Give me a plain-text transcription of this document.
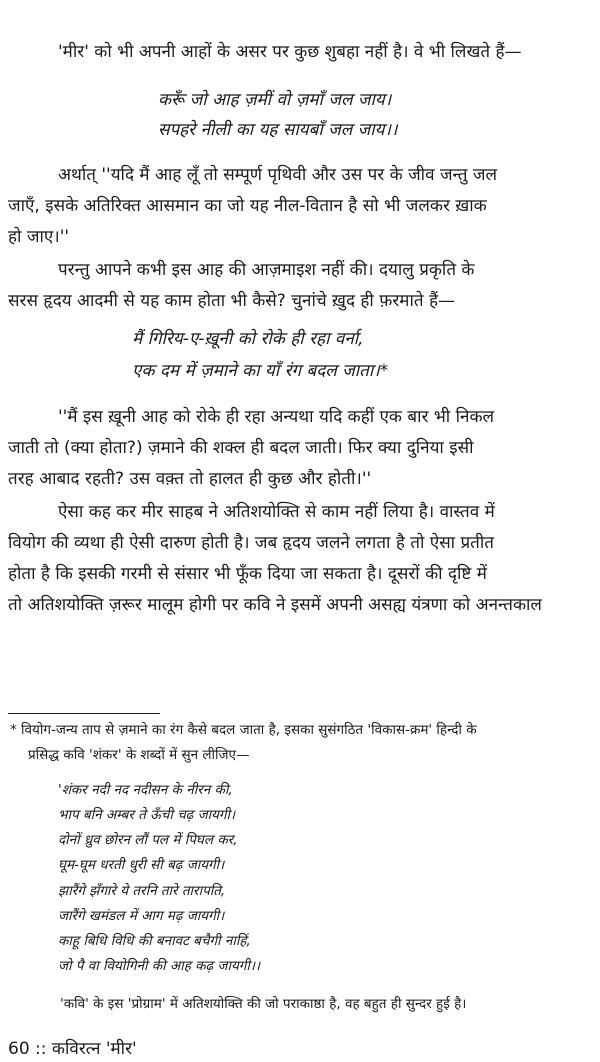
'मीर' को भी अपनी आहों के असर पर कुछ शुबहा नहीं है। वे भी लिखते हैं—
करूँ जो आह ज़मीं वो ज़माँ जल जाय।
सपहरे नीली का यह सायबाँ जल जाय।।
अर्थात् ''यदि मैं आह लूँ तो सम्पूर्ण पृथिवी और उस पर के जीव जन्तु जल
जाएँ, इसके अतिरिक्त आसमान का जो यह नील-वितान है सो भी जलकर ख़ाक
हो जाए।''
परन्तु आपने कभी इस आह की आज़माइश नहीं की। दयालु प्रकृति के
सरस हृदय आदमी से यह काम होता भी कैसे? चुनांचे ख़ुद ही फ़रमाते हैं—
मैं गिरिय-ए-ख़ूनी को रोके ही रहा वर्ना,
एक दम में ज़माने का याँ रंग बदल जाता।*
''मैं इस ख़ूनी आह को रोके ही रहा अन्यथा यदि कहीं एक बार भी निकल
जाती तो (क्या होता?) ज़माने की शक्ल ही बदल जाती। फिर क्या दुनिया इसी
तरह आबाद रहती? उस वक़्त तो हालत ही कुछ और होती।''
ऐसा कह कर मीर साहब ने अतिशयोक्ति से काम नहीं लिया है। वास्तव में
वियोग की व्यथा ही ऐसी दारुण होती है। जब हृदय जलने लगता है तो ऐसा प्रतीत
होता है कि इसकी गरमी से संसार भी फूँक दिया जा सकता है। दूसरों की दृष्टि में
तो अतिशयोक्ति ज़रूर मालूम होगी पर कवि ने इसमें अपनी असह्य यंत्रणा को अनन्तकाल
* वियोग-जन्य ताप से ज़माने का रंग कैसे बदल जाता है, इसका सुसंगठित 'विकास-क्रम' हिन्दी के
प्रसिद्ध कवि 'शंकर' के शब्दों में सुन लीजिए—
'शंकर नदी नद नदीसन के नीरन की,
भाप बनि अम्बर ते ऊँची चढ़ जायगी।
दोनों ध्रुव छोरन लौं पल में पिघल कर,
घूम-घूम धरती धुरी सी बढ़ जायगी।
झारैंगे झँगारे ये तरनि तारे तारापति,
जारैंगे खमंडल में आग मढ़ जायगी।
काहू बिधि विधि की बनावट बचैगी नाहिं,
जो पै वा वियोगिनी की आह कढ़ जायगी।।
'कवि' के इस 'प्रोग्राम' में अतिशयोक्ति की जो पराकाष्ठा है, वह बहुत ही सुन्दर हुई है।
60 :: कविरत्न 'मीर'
